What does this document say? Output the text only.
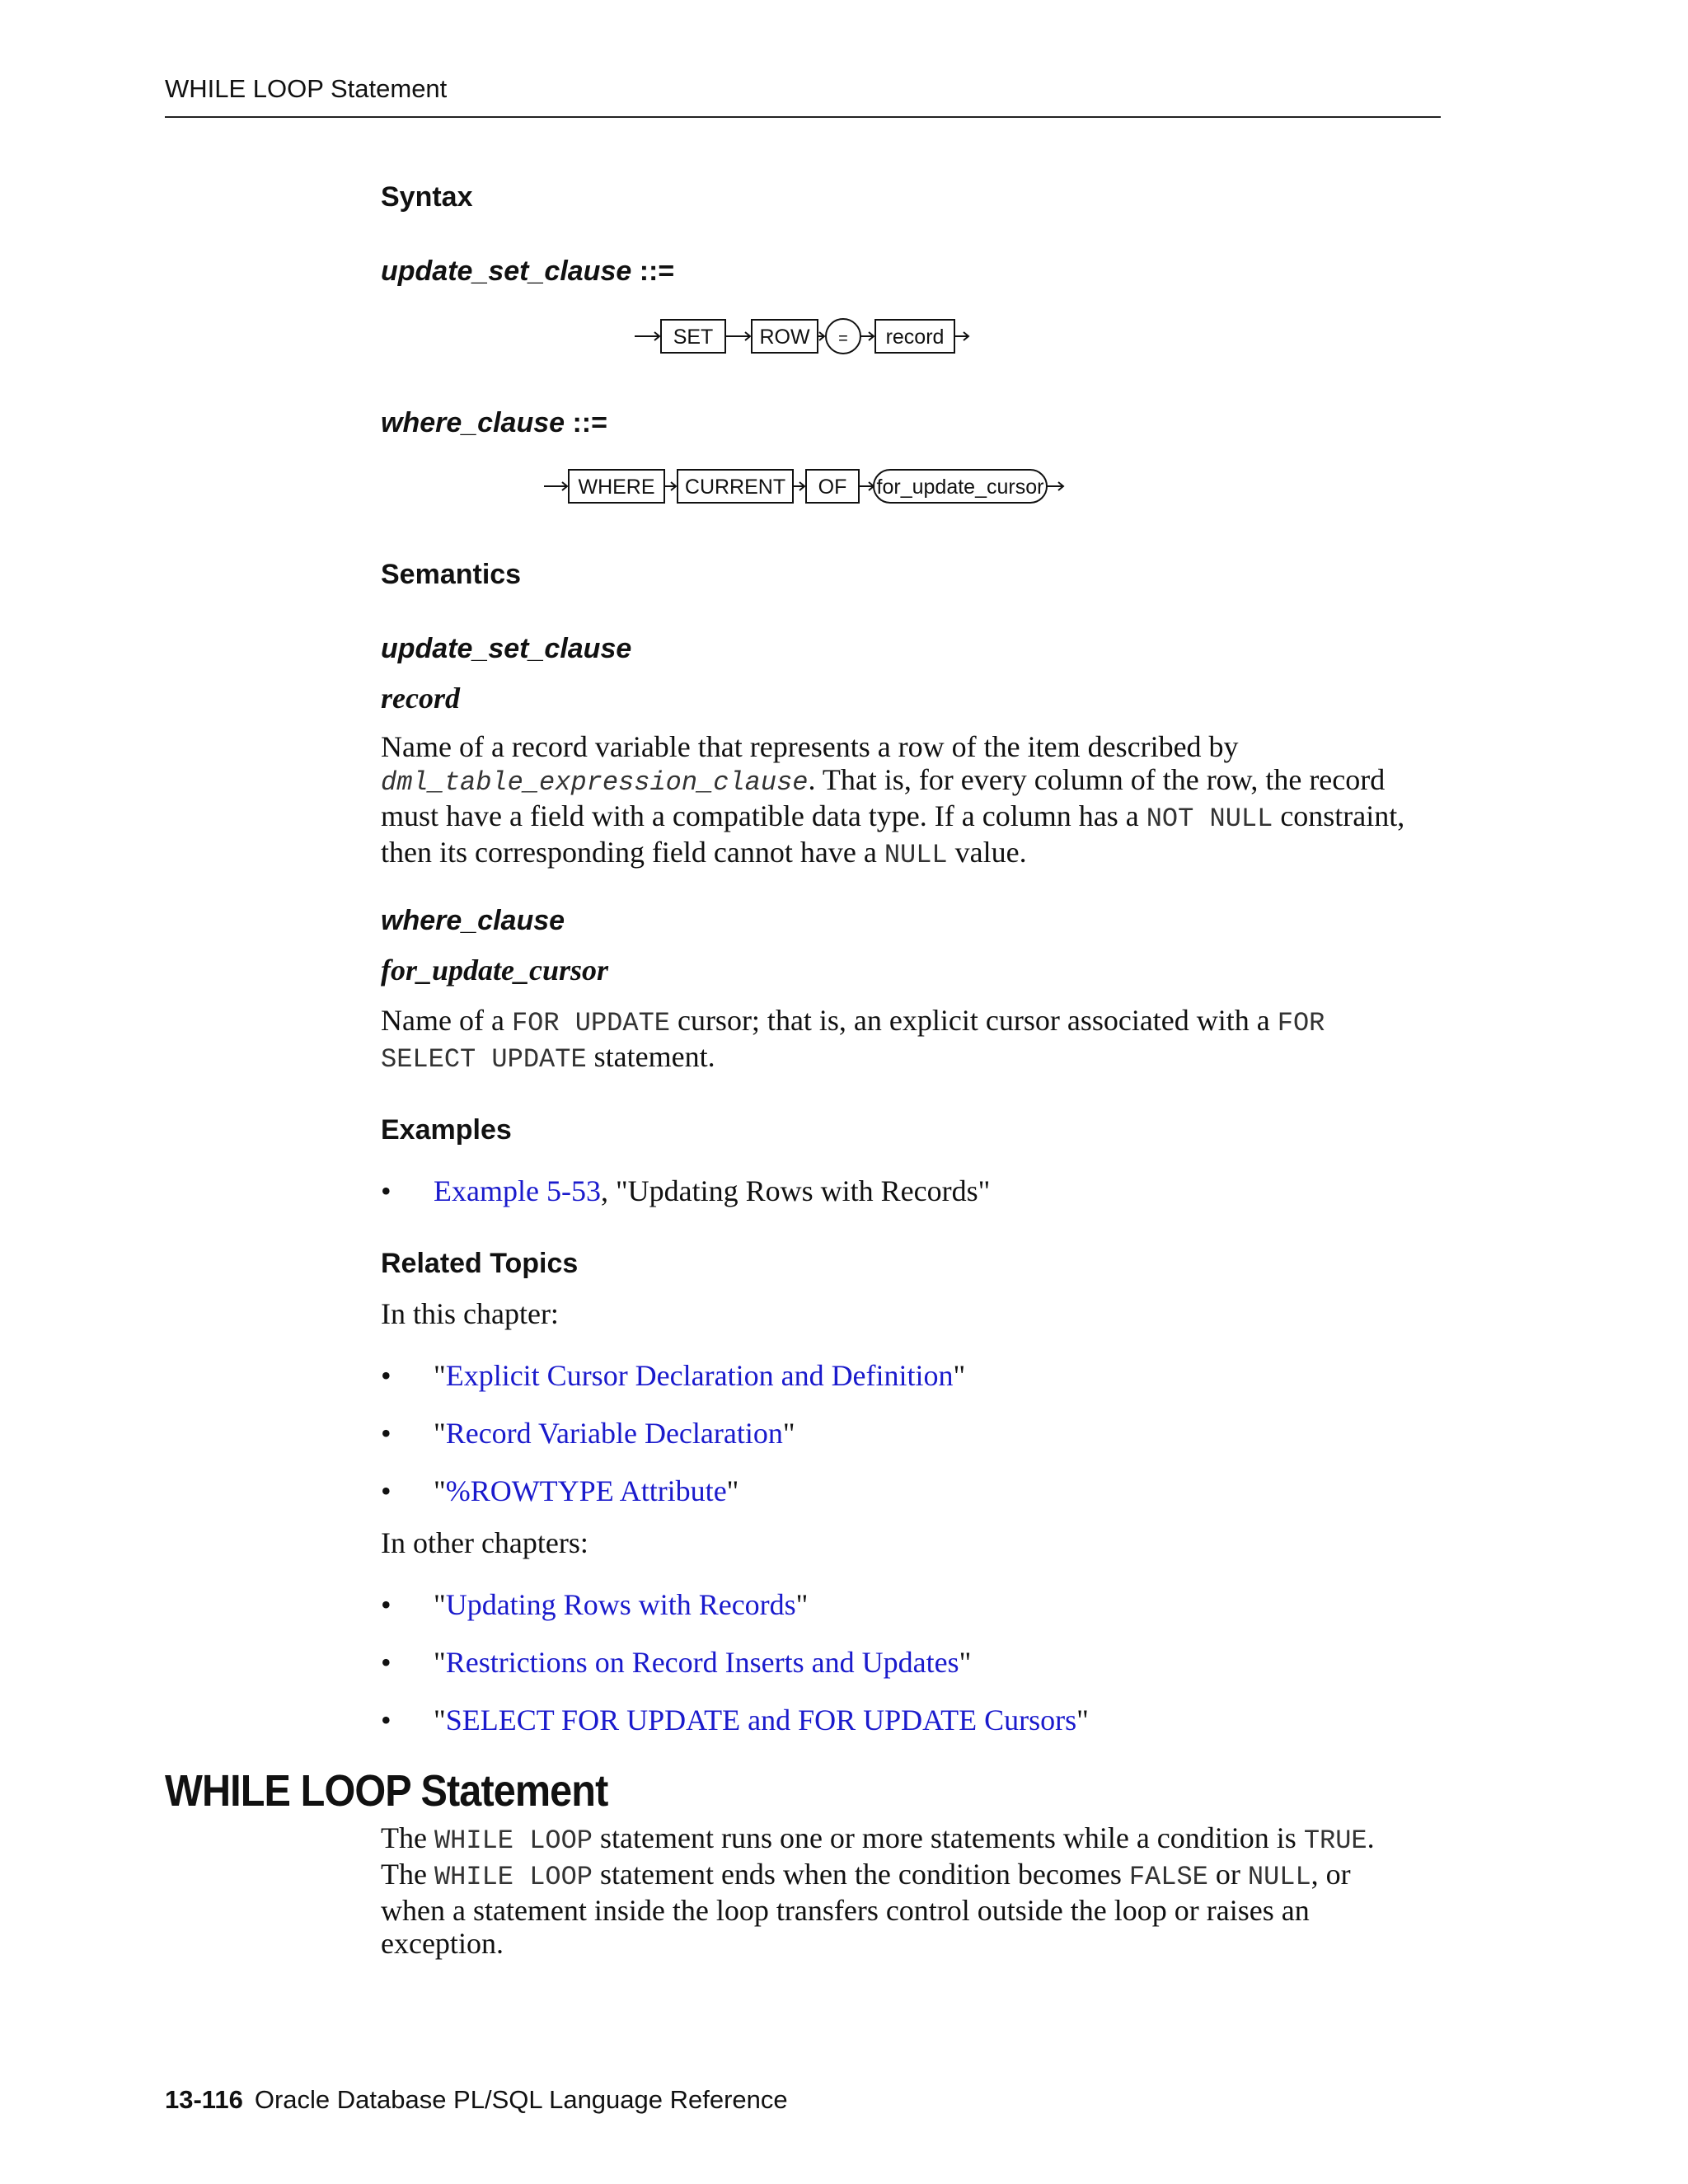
WHILE LOOP Statement
Syntax
update_set_clause ::=
SET ROW = record
where_clause ::=
WHERE CURRENT OF for_update_cursor
Semantics
update_set_clause
record
Name of a record variable that represents a row of the item described by
dml_table_expression_clause. That is, for every column of the row, the record
must have a field with a compatible data type. If a column has a NOT NULL constraint,
then its corresponding field cannot have a NULL value.
where_clause
for_update_cursor
Name of a FOR UPDATE cursor; that is, an explicit cursor associated with a FOR
SELECT UPDATE statement.
Examples
• Example 5-53, "Updating Rows with Records"
Related Topics
In this chapter:
• "Explicit Cursor Declaration and Definition"
• "Record Variable Declaration"
• "%ROWTYPE Attribute"
In other chapters:
• "Updating Rows with Records"
• "Restrictions on Record Inserts and Updates"
• "SELECT FOR UPDATE and FOR UPDATE Cursors"
WHILE LOOP Statement
The WHILE LOOP statement runs one or more statements while a condition is TRUE.
The WHILE LOOP statement ends when the condition becomes FALSE or NULL, or
when a statement inside the loop transfers control outside the loop or raises an
exception.
13-116 Oracle Database PL/SQL Language Reference
